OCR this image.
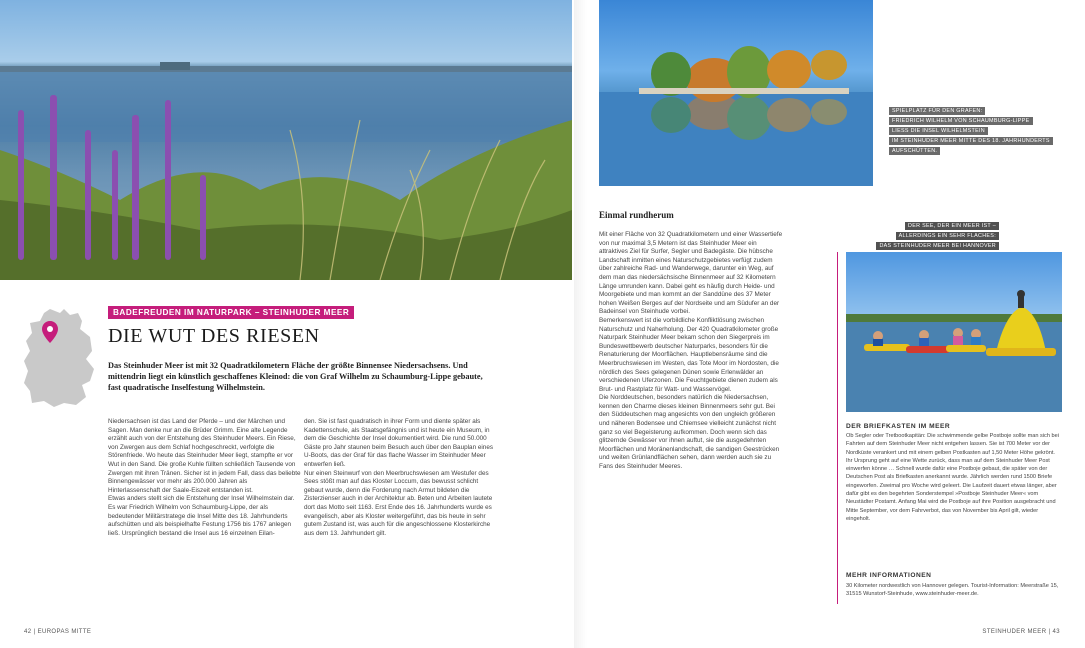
DER SEE, DER EIN MEER IST –
ALLERDINGS EIN SEHR FLACHES:
DAS STEINHUDER MEER BEI HANNOVER

SPIELPLATZ FÜR DEN GRAFEN:
FRIEDRICH WILHELM VON SCHAUMBURG-LIPPE
LIESS DIE INSEL WILHELMSTEIN
IM STEINHUDER MEER MITTE DES 18. JAHRHUNDERTS
AUFSCHÜTTEN.
BADEFREUDEN IM NATURPARK – STEINHUDER MEER
DIE WUT DES RIESEN
Das Steinhuder Meer ist mit 32 Quadratkilometern Fläche der größte Binnensee Niedersachsens. Und mittendrin liegt ein künstlich geschaffenes Kleinod: die von Graf Wilhelm zu Schaumburg-Lippe gebaute, fast quadratische Inselfestung Wilhelmstein.
Niedersachsen ist das Land der Pferde – und der Märchen und Sagen. Man denke nur an die Brüder Grimm. Eine alte Legende erzählt auch von der Entstehung des Steinhuder Meers. Ein Riese, von Zwergen aus dem Schlaf hochgeschreckt, verfolgte die Störenfriede. Wo heute das Steinhuder Meer liegt, stampfte er vor Wut in den Sand. Die große Kuhle füllten schließlich Tausende von Zwergen mit ihren Tränen. Sicher ist in jedem Fall, dass das beliebte Binnengewässer vor mehr als 200.000 Jahren als Hinterlassenschaft der Saale-Eiszeit entstanden ist.
Etwas anders stellt sich die Entstehung der Insel Wilhelmstein dar. Es war Friedrich Wilhelm von Schaumburg-Lippe, der als bedeutender Militärstratege die Insel Mitte des 18. Jahrhunderts aufschütten und als beispielhafte Festung 1756 bis 1767 anlegen ließ. Ursprünglich bestand die Insel aus 16 einzelnen Eilan-
den. Sie ist fast quadratisch in ihrer Form und diente später als Kadettenschule, als Staatsgefängnis und ist heute ein Museum, in dem die Geschichte der Insel dokumentiert wird. Die rund 50.000 Gäste pro Jahr staunen beim Besuch auch über den Bauplan eines U-Boots, das der Graf für das flache Wasser im Steinhuder Meer entwerfen ließ.
Nur einen Steinwurf von den Meerbruchswiesen am Westufer des Sees stößt man auf das Kloster Loccum, das bewusst schlicht gebaut wurde, denn die Forderung nach Armut bildeten die Zisterzienser auch in der Architektur ab. Beten und Arbeiten lautete dort das Motto seit 1163. Erst Ende des 16. Jahrhunderts wurde es evangelisch, aber als Kloster weitergeführt, das bis heute in sehr gutem Zustand ist, was auch für die angeschlossene Klosterkirche aus dem 13. Jahrhundert gilt.
Einmal rundherum
Mit einer Fläche von 32 Quadratkilometern und einer Wassertiefe von nur maximal 3,5 Metern ist das Steinhuder Meer ein attraktives Ziel für Surfer, Segler und Badegäste. Die hübsche Landschaft inmitten eines Naturschutzgebietes verfügt zudem über zahlreiche Rad- und Wanderwege, darunter ein Weg, auf dem man das niedersächsische Binnenmeer auf 32 Kilometern Länge umrunden kann. Dabei geht es häufig durch Heide- und Moorgebiete und man kommt an der Sanddüne des 37 Meter hohen Weißen Berges auf der Nordseite und am Südufer an der Badeinsel von Steinhude vorbei.
Bemerkenswert ist die vorbildliche Konfliktlösung zwischen Naturschutz und Naherholung. Der 420 Quadratkilometer große Naturpark Steinhuder Meer bekam schon den Siegerpreis im Bundeswettbewerb deutscher Naturparks, besonders für die Renaturierung der Moorflächen. Hauptlebensräume sind die Meerbruchswiesen im Westen, das Tote Moor im Nordosten, die nördlich des Sees gelegenen Dünen sowie Erlenwälder an verschiedenen Uferzonen. Die Feuchtgebiete dienen zudem als Brut- und Rastplatz für Watt- und Wasservögel.
Die Norddeutschen, besonders natürlich die Niedersachsen, kennen den Charme dieses kleinen Binnenmeers sehr gut. Bei den Süddeutschen mag angesichts von den ungleich größeren und näheren Bodensee und Chiemsee vielleicht zunächst nicht ganz so viel Begeisterung aufkommen. Doch wenn sich das glitzernde Gewässer vor ihnen auftut, sie die ausgedehnten Moorflächen und Moränenlandschaft, die sandigen Geestrücken und weiten Grünlandflächen sehen, dann werden auch sie zu Fans des Steinhuder Meeres.
DER BRIEFKASTEN IM MEER
Ob Segler oder Tretbootkapitän: Die schwimmende gelbe Postboje sollte man sich bei Fahrten auf dem Steinhuder Meer nicht entgehen lassen. Sie ist 700 Meter vor der Nordküste verankert und mit einem gelben Postkasten auf 1,50 Meter Höhe gekrönt. Ihr Ursprung geht auf eine Wette zurück, dass man auf dem Steinhuder Meer Post einwerfen könne … Schnell wurde dafür eine Postboje gebaut, die später von der Deutschen Post als Briefkasten anerkannt wurde. Jährlich werden rund 1500 Briefe eingeworfen. Zweimal pro Woche wird geleert. Die Laufzeit dauert etwas länger, aber dafür gibt es den begehrten Sonderstempel »Postboje Steinhuder Meer« vom Neustädter Postamt. Anfang Mai wird die Postboje auf ihre Position ausgebracht und Mitte September, vor dem Fahrverbot, das von November bis April gilt, wieder eingeholt.
MEHR INFORMATIONEN
30 Kilometer nordwestlich von Hannover gelegen. Tourist-Information: Meerstraße 15, 31515 Wunstorf-Steinhude, www.steinhuder-meer.de.
42 | EUROPAS MITTE	STEINHUDER MEER | 43
